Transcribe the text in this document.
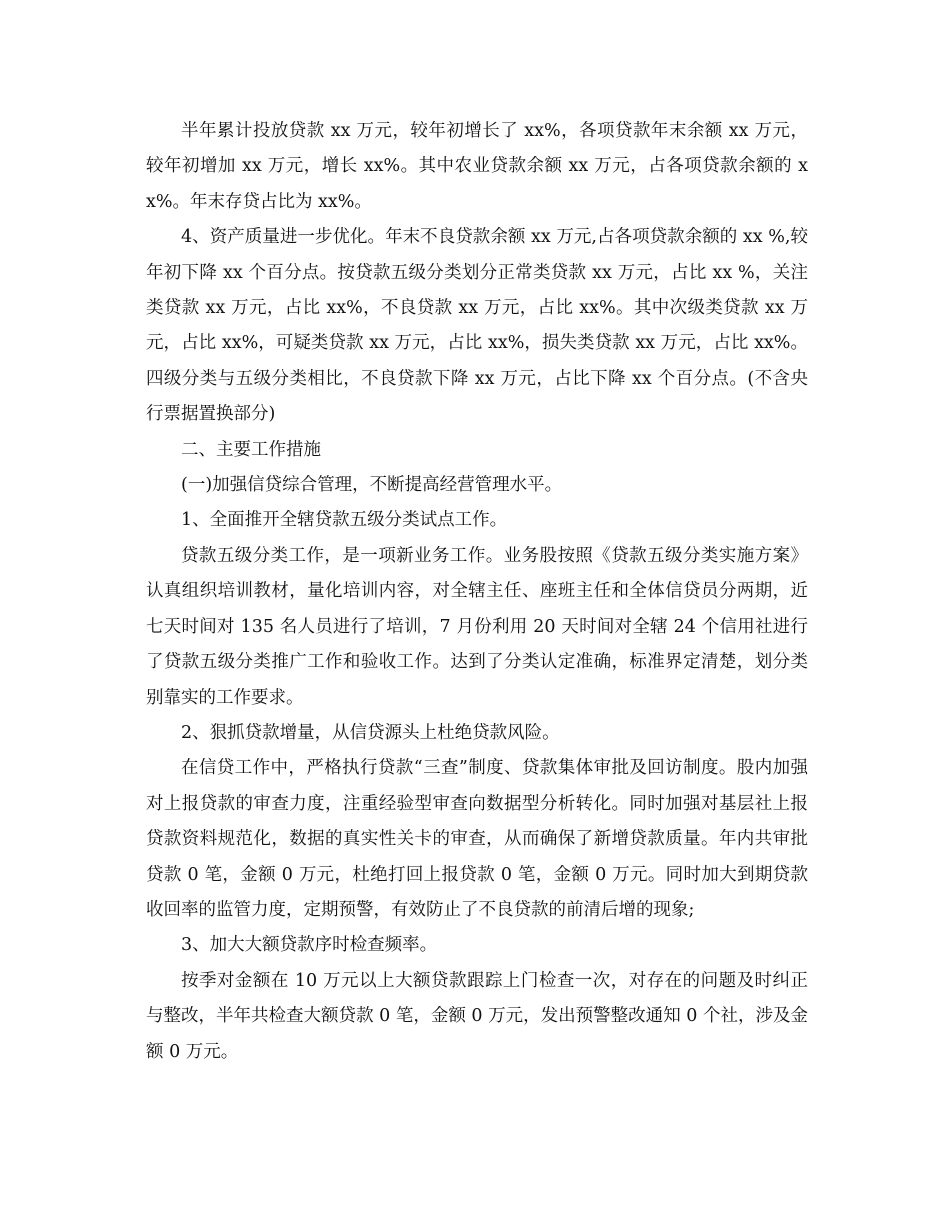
半年累计投放贷款 xx 万元，较年初增长了 xx%，各项贷款年末余额 xx 万元，较年初增加 xx 万元，增长 xx%。其中农业贷款余额 xx 万元，占各项贷款余额的 xx%。年末存贷占比为 xx%。

4、资产质量进一步优化。年末不良贷款余额 xx 万元,占各项贷款余额的 xx %,较年初下降 xx 个百分点。按贷款五级分类划分正常类贷款 xx 万元，占比 xx %，关注类贷款 xx 万元，占比 xx%，不良贷款 xx 万元，占比 xx%。其中次级类贷款 xx 万元，占比 xx%，可疑类贷款 xx 万元，占比 xx%，损失类贷款 xx 万元，占比 xx%。四级分类与五级分类相比，不良贷款下降 xx 万元，占比下降 xx 个百分点。(不含央行票据置换部分)

二、主要工作措施

(一)加强信贷综合管理，不断提高经营管理水平。

1、全面推开全辖贷款五级分类试点工作。

贷款五级分类工作，是一项新业务工作。业务股按照《贷款五级分类实施方案》认真组织培训教材，量化培训内容，对全辖主任、座班主任和全体信贷员分两期，近七天时间对 135 名人员进行了培训，7 月份利用 20 天时间对全辖 24 个信用社进行了贷款五级分类推广工作和验收工作。达到了分类认定准确，标准界定清楚，划分类别靠实的工作要求。

2、狠抓贷款增量，从信贷源头上杜绝贷款风险。

在信贷工作中，严格执行贷款“三查”制度、贷款集体审批及回访制度。股内加强对上报贷款的审查力度，注重经验型审查向数据型分析转化。同时加强对基层社上报贷款资料规范化，数据的真实性关卡的审查，从而确保了新增贷款质量。年内共审批贷款 0 笔，金额 0 万元，杜绝打回上报贷款 0 笔，金额 0 万元。同时加大到期贷款收回率的监管力度，定期预警，有效防止了不良贷款的前清后增的现象;

3、加大大额贷款序时检查频率。

按季对金额在 10 万元以上大额贷款跟踪上门检查一次，对存在的问题及时纠正与整改，半年共检查大额贷款 0 笔，金额 0 万元，发出预警整改通知 0 个社，涉及金额 0 万元。
